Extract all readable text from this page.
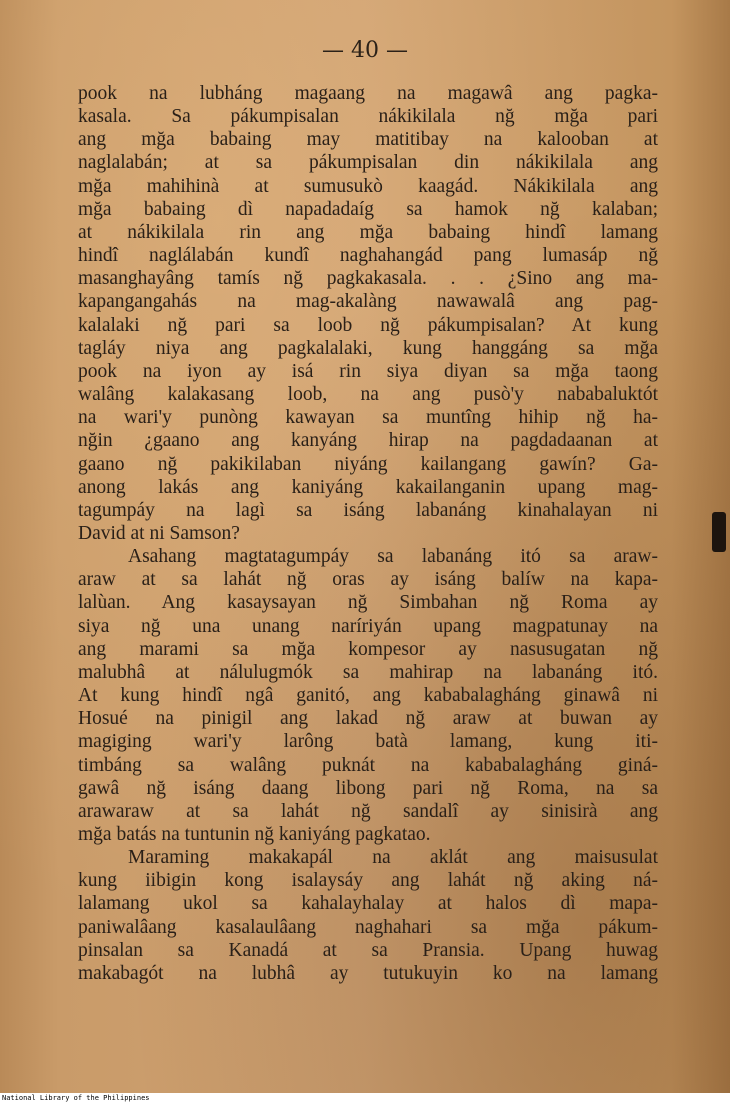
— 40 —
pook na lubháng magaang na magawâ ang pagka-
kasala. Sa pákumpisalan nákikilala nğ mğa pari
ang mğa babaing may matitibay na kalooban at
naglalabán; at sa pákumpisalan din nákikilala ang
mğa mahihinà at sumusukò kaagád. Nákikilala ang
mğa babaing dì napadadaíg sa hamok nğ kalaban;
at nákikilala rin ang mğa babaing hindî lamang
hindî naglálabán kundî naghahangád pang lumasáp nğ
masanghayâng tamís nğ pagkakasala. . . ¿Sino ang ma-
kapangangahás na mag-akalàng nawawalâ ang pag-
kalalaki nğ pari sa loob nğ pákumpisalan? At kung
tagláy niya ang pagkalalaki, kung hanggáng sa mğa
pook na iyon ay isá rin siya diyan sa mğa taong
walâng kalakasang loob, na ang pusò'y nababaluktót
na wari'y punòng kawayan sa muntîng hihip nğ ha-
nğin ¿gaano ang kanyáng hirap na pagdadaanan at
gaano nğ pakikilaban niyáng kailangang gawín? Ga-
anong lakás ang kaniyáng kakailanganin upang mag-
tagumpáy na lagì sa isáng labanáng kinahalayan ni
David at ni Samson?
Asahang magtatagumpáy sa labanáng itó sa araw-
araw at sa lahát nğ oras ay isáng balíw na kapa-
lalùan. Ang kasaysayan nğ Simbahan nğ Roma ay
siya nğ una unang naríriyán upang magpatunay na
ang marami sa mğa kompesor ay nasusugatan nğ
malubhâ at nálulugmók sa mahirap na labanáng itó.
At kung hindî ngâ ganitó, ang kababalagháng ginawâ ni
Hosué na pinigil ang lakad nğ araw at buwan ay
magiging wari'y larông batà lamang, kung iti-
timbáng sa walâng puknát na kababalagháng giná-
gawâ nğ isáng daang libong pari nğ Roma, na sa
arawaraw at sa lahát nğ sandalî ay sinisirà ang
mğa batás na tuntunin nğ kaniyáng pagkatao.
Maraming makakapál na aklát ang maisusulat
kung iibigin kong isalaysáy ang lahát nğ aking ná-
lalamang ukol sa kahalayhalay at halos dì mapa-
paniwalâang kasalaulâang naghahari sa mğa pákum-
pinsalan sa Kanadá at sa Pransia. Upang huwag
makabagót na lubhâ ay tutukuyin ko na lamang
National Library of the Philippines
